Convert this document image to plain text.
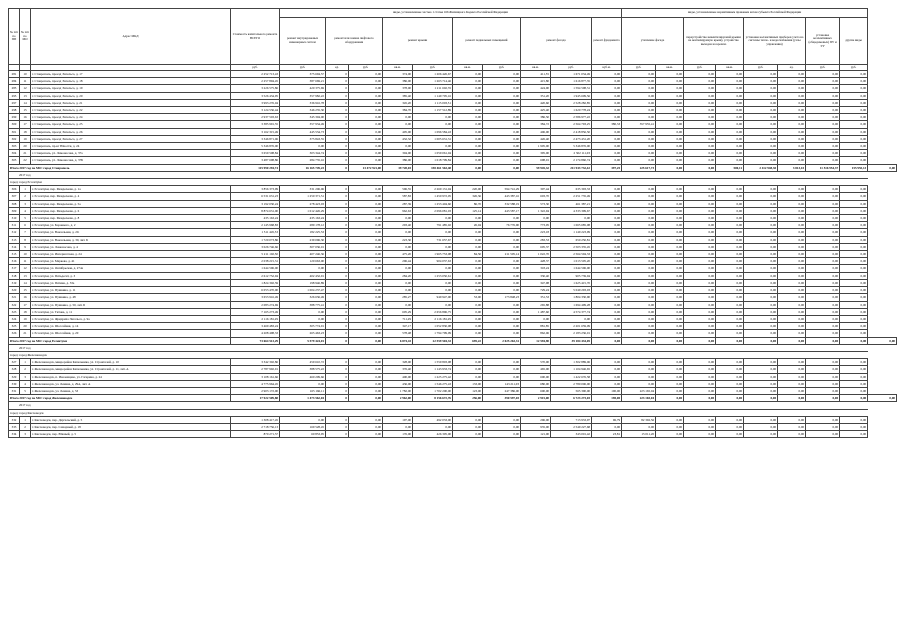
№ п/п по ПП	№ п/п по МО	Адрес МКД	Стоимость капитального ремонта ВСЕГО	виды, установленные частью 1 статьи 166 Жилищного Кодекса Российской Федерации										виды, установленные нормативным правовым актом субъекта Российской Федерации								
				ремонт внутридомовых инженерных систем	ремонт или замена лифтового оборудования		ремонт крыши		ремонт подвальных помещений		ремонт фасада		ремонт фундамента	утепление фасада		переустройство невентилируемой крыши на вентилируемую крышу, устройство выходов на кровлю		установка коллективных приборов учета на системы тепло- и водоснабжения (узлы управления)		установка коллективных (общедомовых) ПУ и УУ	другие виды	
			руб.	руб.	ед.	руб.	кв.м.	руб.	кв.м.	руб.	кв.м.	руб.	куб.м.	руб.	кв.м.	руб.	кв.м.	руб.	ед.	руб.	руб.	
281	10	г. Ставрополь, проезд Энгельса, д. 17	2 252 713,43	375 694,57	0	0,00	374,00	1 206 426,67	0,00	0,00	411,55	1 671 034,49	0,00	0,00	0,00	0,00	0,00	0,00	0,00	0,00	0,00	
284	11	г. Ставрополь, проезд Энгельса, д. 18	2 257 894,45	387 669,21	0	0,00	386,00	1 263 714,46	0,00	0,00	415,80	1 616 877,35	0,00	0,00	0,00	0,00	0,00	0,00	0,00	0,00	0,00	
285	12	г. Ставрополь, проезд Энгельса, д. 19	3 226 575,86	420 375,69	0	0,00	378,00	1 211 602,76	0,00	0,00	424,90	1 594 598,31	0,00	0,00	0,00	0,00	0,00	0,00	0,00	0,00	0,00	
295	13	г. Ставрополь, проезд Энгельса, д. 20	3 526 434,95	357 982,22	0	0,00	385,40	1 149 705,16	0,00	0,00	351,20	1 945 609,56	0,00	0,00	0,00	0,00	0,00	0,00	0,00	0,00	0,00	
297	14	г. Ставрополь, проезд Энгельса, д. 21	3 993 276,04	336 916,78	0	0,00	345,20	1 115 003,51	0,00	0,00	420,60	2 528 282,85	0,00	0,00	0,00	0,00	0,00	0,00	0,00	0,00	0,00	
298	15	г. Ставрополь, проезд Энгельса, д. 22	3 124 536,44	346 235,30	0	0,00	384,70	1 157 512,89	0,00	0,00	425,40	1 620 778,24	0,00	0,00	0,00	0,00	0,00	0,00	0,00	0,00	0,00	
299	16	г. Ставрополь, проезд Энгельса, д. 24	2 937 503,63	345 304,00	0	0,00	0,00	0,00	0,00	0,00	386,50	2 586 977,22	0,00	0,00	0,00	0,00	0,00	0,00	0,00	0,00	0,00	
300	17	г. Ставрополь, проезд Энгельса, д. 25	3 385 991,55	357 934,49	0	0,00	0,00	0,00	0,00	0,00	384,72	2 564 793,25	380,33	357 955,41	0,00	0,00	0,00	0,00	0,00	0,00	0,00	
301	18	г. Ставрополь, проезд Энгельса, д. 26	3 162 315,49	445 534,73	0	0,00	405,00	1 096 584,43	0,00	0,00	406,00	2 418 856,50	0,00	0,00	0,00	0,00	0,00	0,00	0,00	0,00	0,00	
302	19	г. Ставрополь, проезд Энгельса, д. 27	3 346 871,06	375 843,55	0	0,00	432,32	1 005 631,31	0,00	0,00	426,40	2 473 431,20	0,00	0,00	0,00	0,00	0,00	0,00	0,00	0,00	0,00	
303	20	г. Ставрополь, пр-кт Юности, д. 24	5 346 876,00	0,00	0	0,00	0,00	0,00	0,00	0,00	1 905,00	5 346 876,00	0,00	0,00	0,00	0,00	0,00	0,00	0,00	0,00	0,00	
304	21	г. Ставрополь, ул. Ломоносова, д. 37а	3 659 508,84	303 344,74	0	0,00	304,00	1 059 061,04	0,00	0,00	395,00	2 302 111,03	0,00	0,00	0,00	0,00	0,00	0,00	0,00	0,00	0,00	
305	22	г. Ставрополь, ул. Ломоносова, д. 37Б	3 487 698,86	284 735,16	0	0,00	386,00	1 018 709,84	0,00	0,00	698,01	2 174 860,74	0,00	0,00	0,00	0,00	0,00	0,00	0,00	0,00	0,00	
Итого 2017 год по МО: город Ставрополь			115 990 294,74	16 165 749,23	0	13 472 921,00	39 728,03	158 461 563,48	0,00	0,00	59 945,32	211 943 732,42	397,25	225 617,73	0,00	0,00	500,11	2 412 948,30	3 813,10	11 516 954,37	155 955,13	0,00
2017 год																						
город: город Ессентуки																						
306	1	г. Ессентуки, пер. Менделеева, д. 1а	3 856 373,99	331 206,06	0	0,00	596,55	2 269 131,04	220,00	594 741,29	307,44	635 393,33	0,00	0,00	0,00	0,00	0,00	0,00	0,00	0,00	0,00	
307	2	г. Ессентуки, пер. Менделеева, д. 4	6 531 631,23	1 250 371,51	0	0,00	587,83	1 450 972,05	326,36	443 387,16	603,70	2 251 735,49	0,00	0,00	0,00	0,00	0,00	0,00	0,00	0,00	0,00	
308	3	г. Ессентуки, пер. Менделеева, д. 5а	3 192 030,24	278 423,03	0	0,00	287,39	1 253 404,60	86,70	332 588,19	573,30	461 387,21	0,00	0,00	0,00	0,00	0,00	0,00	0,00	0,00	0,00	
309	4	г. Ессентуки, пер. Менделеева, д. 6	8 874 631,00	1 012 426,29	0	0,00	962,63	2 096 081,03	125,14	443 587,17	1 322,94	4 333 399,67	0,00	0,00	0,00	0,00	0,00	0,00	0,00	0,00	0,00	
310	5	г. Ессентуки, пер. Менделеева, д. 8	435 163,24	435 163,24	0	0,00	0,00	0,00	0,00	0,00	0,00	0,00	0,00	0,00	0,00	0,00	0,00	0,00	0,00	0,00	0,00	
311	6	г. Ессентуки, ул. Боронкого, д. 2	2 145 968,83	289 178,12	0	0,00	293,40	791 485,02	26,04	76 776,90	773,05	1 065 685,08	0,00	0,00	0,00	0,00	0,00	0,00	0,00	0,00	0,00	
312	7	г. Ессентуки, ул. Вокзальная, д. 20.	1 511 445,53	182 225,53	0	0,00	0,00	0,00	0,00	0,00	223,18	1 149 223,99	0,00	0,00	0,00	0,00	0,00	0,00	0,00	0,00	0,00	
313	8	г. Ессентуки, ул. Вокзальная, д. 30, лит. Б	1 720 073,86	239 096,30	0	0,00	223,30	731 657,67	0,00	0,00	283,53	650 250,81	0,00	0,00	0,00	0,00	0,00	0,00	0,00	0,00	0,00	
314	9	г. Ессентуки, ул. Ломоносова, д. 4	3 026 746,66	307 036,01	0	0,00	0,00	0,00	0,00	0,00	605,37	2 503 335,45	0,00	0,00	0,00	0,00	0,00	0,00	0,00	0,00	0,00	
315	10	г. Ессентуки, ул. Интернатская, д. 24	5 211 102,50	407 246,36	0	0,00	475,20	1 965 753,08	84,50	211 505,14	1 022,70	2 564 594,33	0,00	0,00	0,00	0,00	0,00	0,00	0,00	0,00	0,00	
316	11	г. Ессентуки, ул. Маркова, д. 41	2 038 215,31	120 663,00	0	0,00	296,44	904 037,63	0,00	0,00	428,37	1 013 505,20	0,00	0,00	0,00	0,00	0,00	0,00	0,00	0,00	0,00	
317	12	г. Ессентуки, ул. Октябрьская, д. 274а	1 644 596,00	0,00	0	0,00	0,00	0,00	0,00	0,00	318,24	1 644 596,00	0,00	0,00	0,00	0,00	0,00	0,00	0,00	0,00	0,00	
318	13	г. Ессентуки, ул. Пятьдесят, д. 3	2 612 752,94	402 432,91	0	0,00	284,20	1 253 050,61	0,00	0,00	330,40	905 739,94	0,00	0,00	0,00	0,00	0,00	0,00	0,00	0,00	0,00	
319	14	г. Ессентуки, ул. Пятина, д. 33а	1 824 302,59	198 946,89	0	0,00	0,00	0,00	0,00	0,00	347,98	1 625 415,70	0,00	0,00	0,00	0,00	0,00	0,00	0,00	0,00	0,00	
320	15	г. Ессентуки, ул. Пушкина, д. 11	6 053 470,00	1 004 237,47	0	0,00	0,00	0,00	0,00	0,00	729,24	5 049 293,03	0,00	0,00	0,00	0,00	0,00	0,00	0,00	0,00	0,00	
321	16	г. Ессентуки, ул. Пушкина, д. 48	3 653 916,49	326 636,49	0	0,00	285,27	949 947,00	53,00	173 848,23	351,53	1 804 330,90	0,00	0,00	0,00	0,00	0,00	0,00	0,00	0,00	0,00	
322	17	г. Ессентуки, ул. Пушкина, д. 50, лит. Б	2 083 274,69	388 775,41	0	0,00	0,00	0,00	0,00	0,00	265,88	1 694 499,28	0,00	0,00	0,00	0,00	0,00	0,00	0,00	0,00	0,00	
323	18	г. Ессентуки, ул. Титова, д. 11	7 165 273,49	0,00	0	0,00	605,29	2 656 896,75	0,00	0,00	1 487,60	4 574 377,74	0,00	0,00	0,00	0,00	0,00	0,00	0,00	0,00	0,00	
324	19	г. Ессентуки, ул. Фридриха Энгельса, д. 9а	2 116 181,29	0,00	0	0,00	711,29	2 116 181,29	0,00	0,00	0,00	0,00	0,00	0,00	0,00	0,00	0,00	0,00	0,00	0,00	0,00	
325	20	г. Ессентуки, ул. Шоссейная, д. 14	3 469 483,24	305 774,91	0	0,00	347,17	1 052 830,08	0,00	0,00	881,85	2 201 659,09	0,00	0,00	0,00	0,00	0,00	0,00	0,00	0,00	0,00	
326	21	г. Ессентуки, ул. Шоссейная, д. 20	4 208 498,33	265 463,23	0	0,00	578,48	1 794 799,09	0,00	0,00	862,06	2 183 236,01	0,00	0,00	0,00	0,00	0,00	0,00	0,00	0,00	0,00	
Итого 2017 год по МО: город Ессентуки			73 664 513,29	5 579 424,01	0	0,00	6 874,43	22 559 504,33	695,22	2 025 263,31	12 594,90	39 184 434,05	0,00	0,00	0,00	0,00	0,00	0,00	0,00	0,00	0,00	0,00
2017 год																						
город: город Железноводск																						
327	1	г. Железноводск, микрорайон Капельника, ул. Строителей, д. 10	3 342 302,86	459 610,72	0	0,00	328,00	1 559 803,08	0,00	0,00	570,00	1 302 889,06	0,00	0,00	0,00	0,00	0,00	0,00	0,00	0,00	0,00	
328	2	г. Железноводск, микрорайон Капельника, ул. Строителей, д. 11, лит. А	2 787 992,91	388 575,22	0	0,00	376,40	1 143 933,74	0,00	0,00	465,00	1 104 946,65	0,00	0,00	0,00	0,00	0,00	0,00	0,00	0,00	0,00	
329	3	г. Железноводск, п. Иноземцево, ул. Гагарина, д. 24	3 108 161,66	460 209,66	0	0,00	400,00	1 225 275,42	0,00	0,00	600,00	1 422 676,58	0,00	0,00	0,00	0,00	0,00	0,00	0,00	0,00	0,00	
330	4	г. Железноводск, ул. Ленина, д. 29А, лит. А	4 775 964,45	0,00	0	0,00	436,00	1 546 275,43	133,00	143 211,03	680,00	2 780 006,00	0,00	0,00	0,00	0,00	0,00	0,00	0,00	0,00	0,00	
331	5	г. Железноводск, ул. Ленина, д. 53	2 903 172,00	165 166,11	0	0,00	1 782,00	1 702 200,00	123,00	247 386,00	600,00	565 390,00	190,00	223 165,04	0,00	0,00	0,00	0,00	0,00	0,00	0,00	
Итого 2017 год по МО: город Железноводск			17 922 509,88	1 473 562,04	0	0,00	2 962,00	8 156 672,76	256,00	390 597,03	2 915,00	6 723 273,03	190,00	223 165,04	0,00	0,00	0,00	0,00	0,00	0,00	0,00	0,00
2017 год																						
город: город Кисловодск																						
332	1	г. Кисловодск, пер. Даргальский, д. 5	1 308 417,45	0,00	0	0,00	197,00	492 033,00	0,00	0,00	296,00	713 933,97	96,79	82 392,56	0,00	0,00	0,00	0,00	0,00	0,00	0,00	
333	2	г. Кисловодск, пер. Саморный, д. 18	2 718 756,13	169 528,45	0	0,00	0,00	0,00	0,00	0,00	935,00	2 549 227,68	0,00	0,00	0,00	0,00	0,00	0,00	0,00	0,00	0,00	
334	3	г. Кисловодск, пер. Южный, д. 5	870 271,57	60 853,95	0	0,00	176,00	426 305,00	0,00	0,00	121,00	343 001,42	23,81	15 011,20	0,00	0,00	0,00	0,00	0,00	0,00	0,00	
